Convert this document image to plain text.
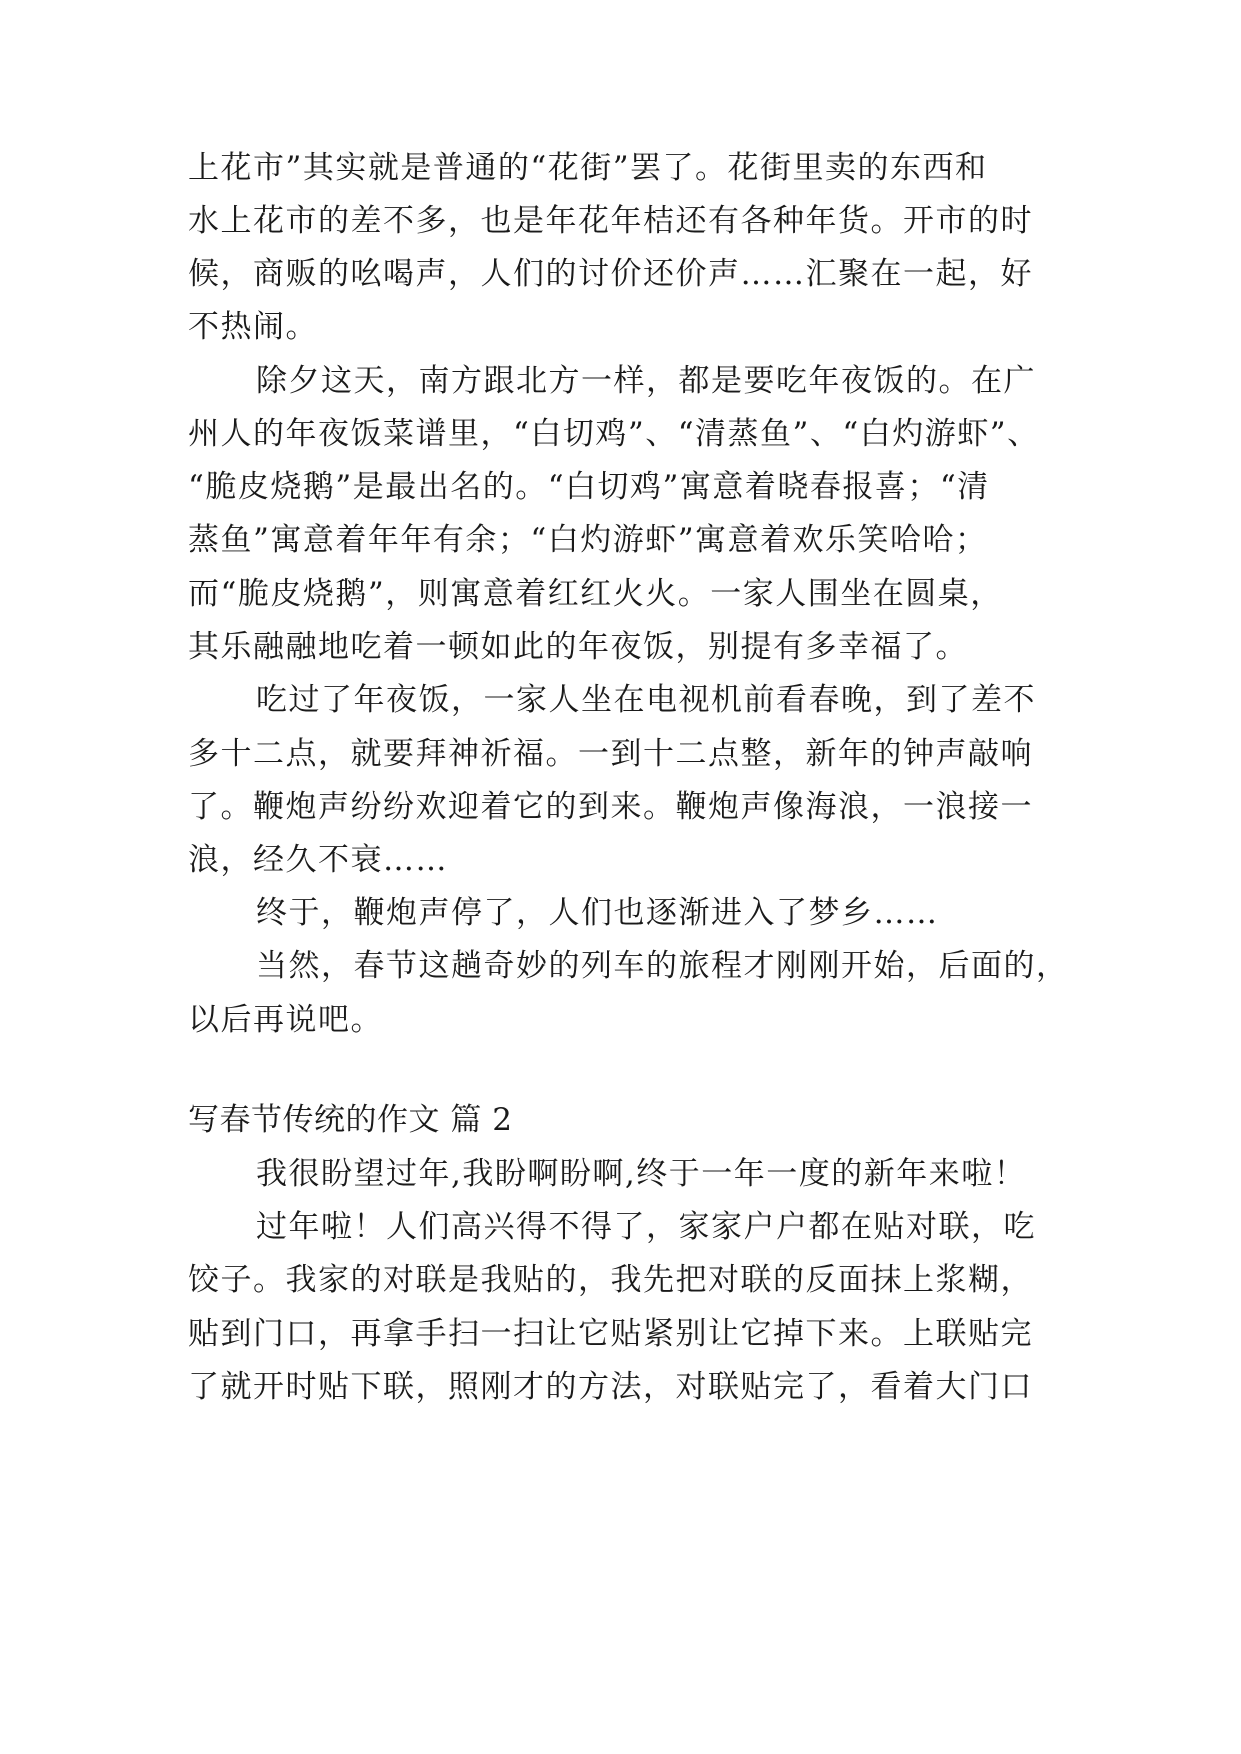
上花市”其实就是普通的“花街”罢了。花街里卖的东西和
水上花市的差不多，也是年花年桔还有各种年货。开市的时
候，商贩的吆喝声，人们的讨价还价声……汇聚在一起，好
不热闹。
除夕这天，南方跟北方一样，都是要吃年夜饭的。在广
州人的年夜饭菜谱里，“白切鸡”、“清蒸鱼”、“白灼游虾”、
“脆皮烧鹅”是最出名的。“白切鸡”寓意着晓春报喜；“清
蒸鱼”寓意着年年有余；“白灼游虾”寓意着欢乐笑哈哈；
而“脆皮烧鹅”，则寓意着红红火火。一家人围坐在圆桌，
其乐融融地吃着一顿如此的年夜饭，别提有多幸福了。
吃过了年夜饭，一家人坐在电视机前看春晚，到了差不
多十二点，就要拜神祈福。一到十二点整，新年的钟声敲响
了。鞭炮声纷纷欢迎着它的到来。鞭炮声像海浪，一浪接一
浪，经久不衰……
终于，鞭炮声停了，人们也逐渐进入了梦乡……
当然，春节这趟奇妙的列车的旅程才刚刚开始，后面的，
以后再说吧。
写春节传统的作文 篇 2
我很盼望过年,我盼啊盼啊,终于一年一度的新年来啦！
过年啦！人们高兴得不得了，家家户户都在贴对联，吃
饺子。我家的对联是我贴的，我先把对联的反面抹上浆糊，
贴到门口，再拿手扫一扫让它贴紧别让它掉下来。上联贴完
了就开时贴下联，照刚才的方法，对联贴完了，看着大门口
